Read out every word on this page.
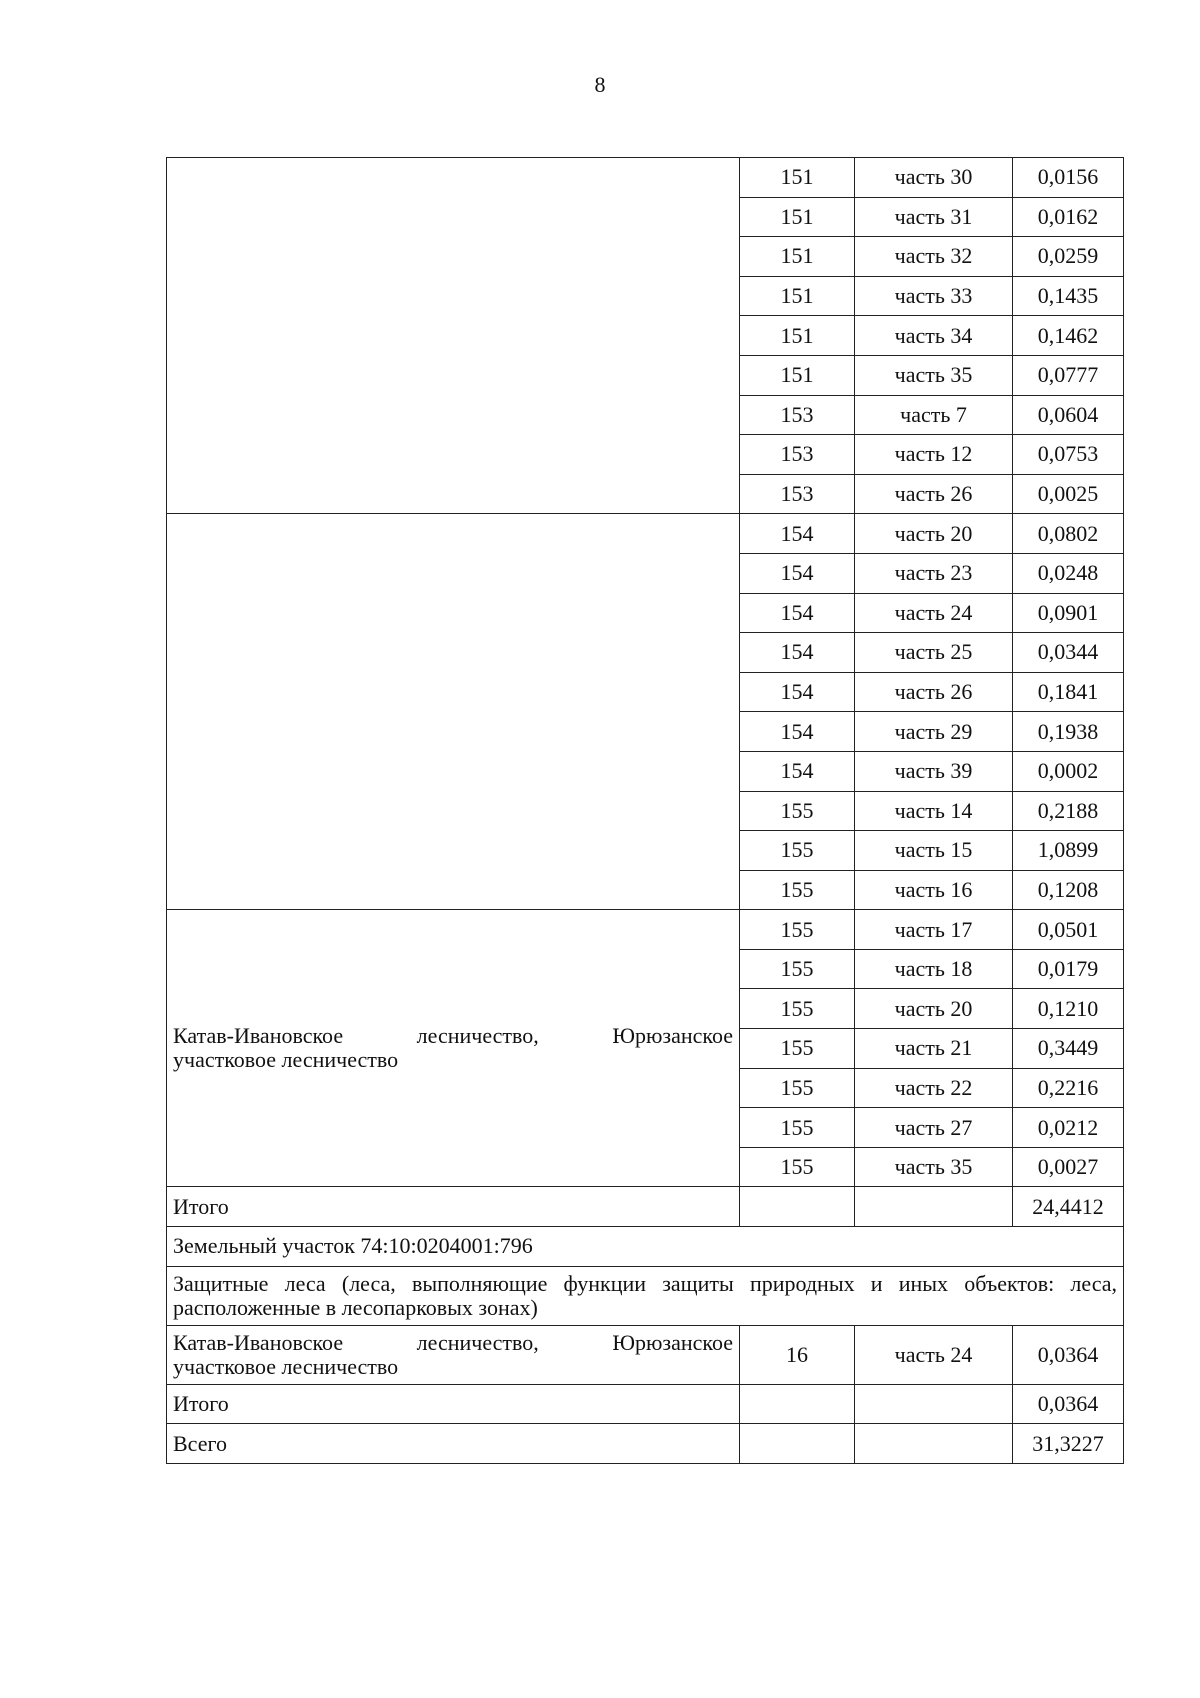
8
	151	часть 30	0,0156
	151	часть 31	0,0162
	151	часть 32	0,0259
	151	часть 33	0,1435
	151	часть 34	0,1462
	151	часть 35	0,0777
	153	часть 7	0,0604
	153	часть 12	0,0753
	153	часть 26	0,0025
	154	часть 20	0,0802
	154	часть 23	0,0248
	154	часть 24	0,0901
	154	часть 25	0,0344
	154	часть 26	0,1841
	154	часть 29	0,1938
	154	часть 39	0,0002
	155	часть 14	0,2188
	155	часть 15	1,0899
	155	часть 16	0,1208

Катав-Ивановское лесничество, Юрюзанское
участковое лесничество	155	часть 17	0,0501
	155	часть 18	0,0179
	155	часть 20	0,1210
	155	часть 21	0,3449
	155	часть 22	0,2216
	155	часть 27	0,0212
	155	часть 35	0,0027
Итого			24,4412
Земельный участок 74:10:0204001:796			
Защитные леса (леса, выполняющие функции защиты природных и иных объектов: леса, расположенные в лесопарковых зонах)			

Катав-Ивановское лесничество, Юрюзанское
участковое лесничество	16	часть 24	0,0364
Итого			0,0364
Всего			31,3227
